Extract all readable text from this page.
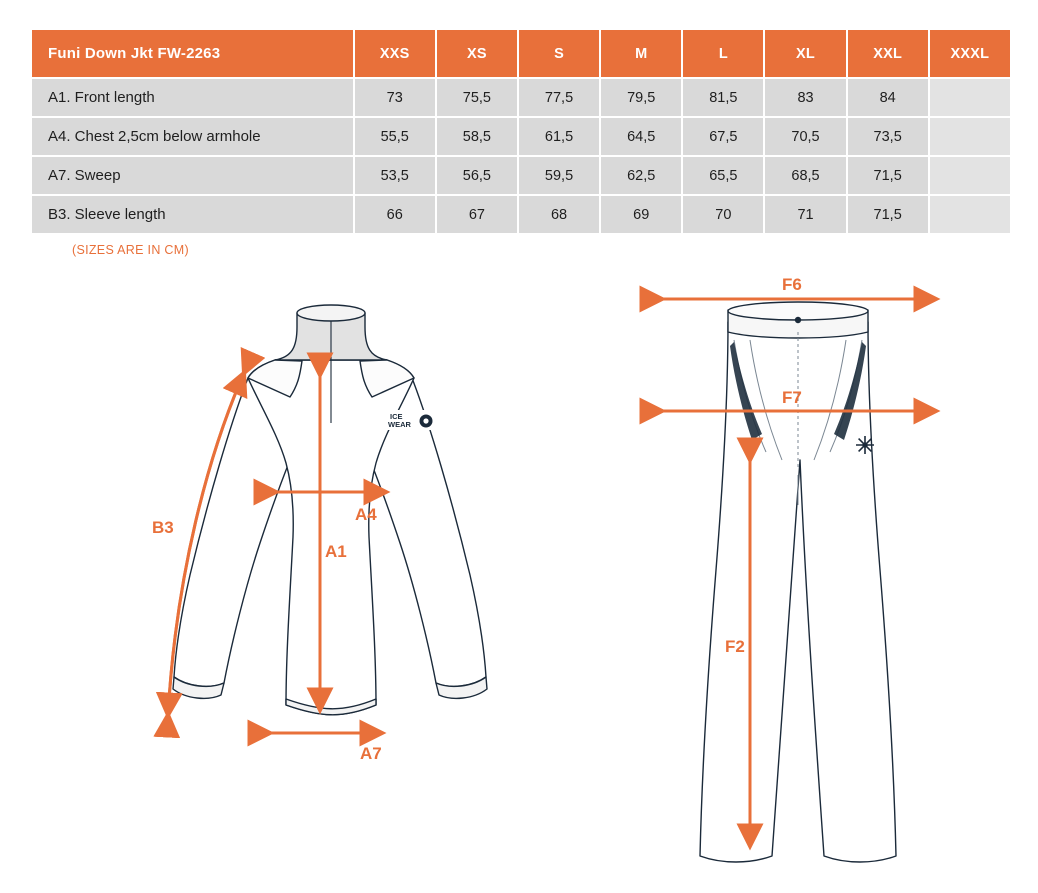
Funi Down Jkt FW-2263	XXS	XS	S	M	L	XL	XXL	XXXL
A1. Front length	73	75,5	77,5	79,5	81,5	83	84	
A4. Chest 2,5cm below armhole	55,5	58,5	61,5	64,5	67,5	70,5	73,5	
A7. Sweep	53,5	56,5	59,5	62,5	65,5	68,5	71,5	
B3. Sleeve length	66	67	68	69	70	71	71,5	
(SIZES ARE IN CM)
ICE
WEAR
B3
A4
A1
A7
F6
F7
F2
